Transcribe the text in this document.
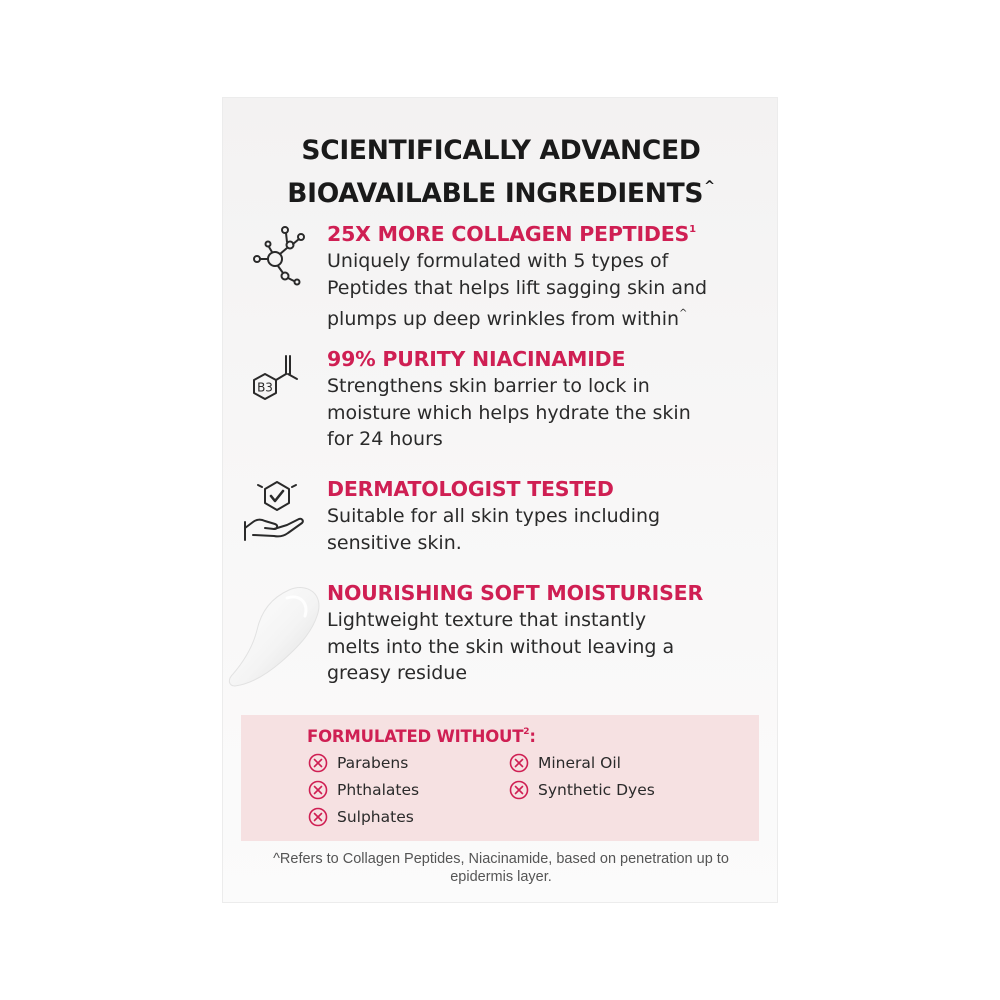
SCIENTIFICALLY ADVANCED
BIOAVAILABLE INGREDIENTS^
25X MORE COLLAGEN PEPTIDES$^1$
Uniquely formulated with 5 types of
Peptides that helps lift sagging skin and
plumps up deep wrinkles from within^
B3
99% PURITY NIACINAMIDE
Strengthens skin barrier to lock in
moisture which helps hydrate the skin
for 24 hours
DERMATOLOGIST TESTED
Suitable for all skin types including
sensitive skin.
NOURISHING SOFT MOISTURISER
Lightweight texture that instantly
melts into the skin without leaving a
greasy residue
FORMULATED WITHOUT$^2$:
Parabens
Phthalates
Sulphates
Mineral Oil
Synthetic Dyes
^Refers to Collagen Peptides, Niacinamide, based on penetration up to
epidermis layer.
